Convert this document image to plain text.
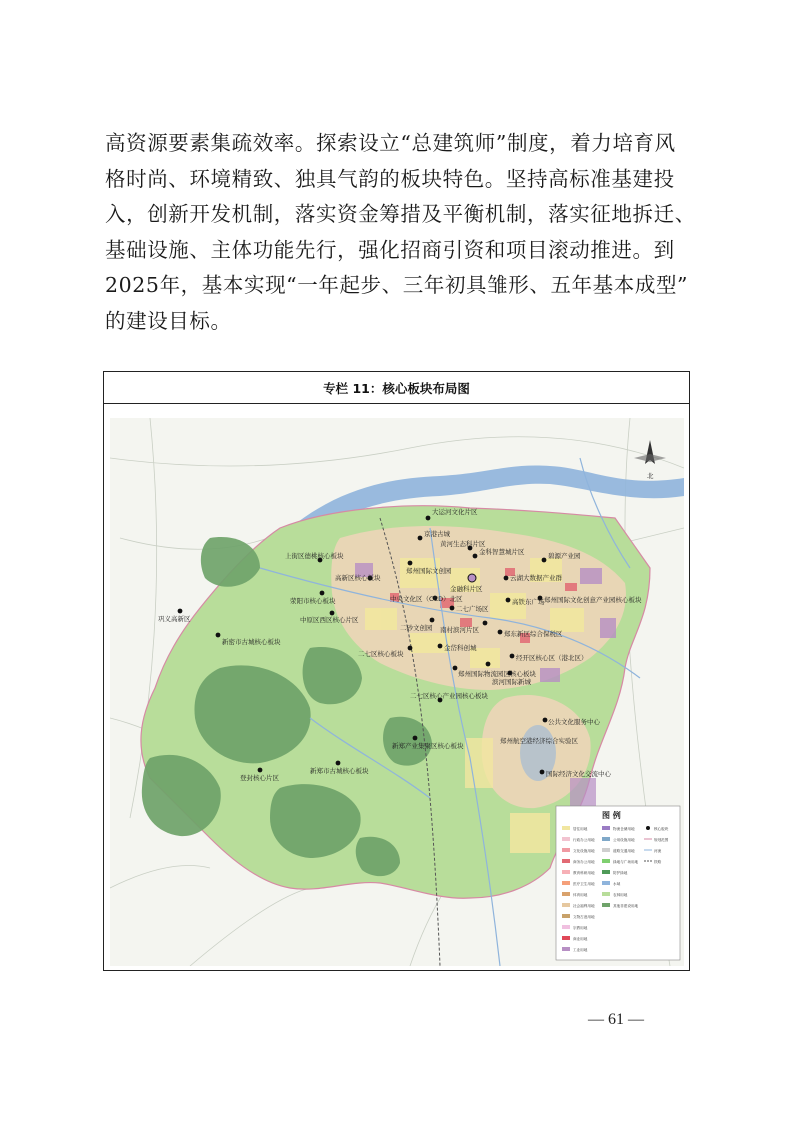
高资源要素集疏效率。探索设立“总建筑师”制度，着力培育风
格时尚、环境精致、独具气韵的板块特色。坚持高标准基建投
入，创新开发机制，落实资金筹措及平衡机制，落实征地拆迁、
基础设施、主体功能先行，强化招商引资和项目滚动推进。到
2025年，基本实现“一年起步、三年初具雏形、五年基本成型”
的建设目标。
专栏 11：核心板块布局图
大运河文化片区
京港古城
上街区德桃核心板块
高新区核心板块
郑州国际文创园
金科智慧城片区
黄河生态科片区
金融科片区
云湖大数据产业群
碧源产业园
荥阳市核心板块
中原区西区核心片区
中央文化区（CCD）北区
二七广场区
郑州国际文化创意产业园核心板块
二砂文创园 南村滨河片区
高铁东广场
郑东新区综合保税区
二七区核心板块
金岱科创城
经开区核心区（港北区）
郑州国际物流园区核心板块
滨河国际新城
二七区核心产业园核心板块
新郑市古城核心板块
新郑产业集聚区核心板块
巩义高新区
郑州航空港经济综合实验区
新密市古城核心板块
登封核心片区
公共文化服务中心
国际经济文化交流中心
北
图 例
居住用地
行政办公用地
文化设施用地
商务办公用地
教育科研用地
医疗卫生用地
体育用地
社会福利用地
文物古迹用地
宗教用地
商业用地
工业用地
物流仓储用地
公用设施用地
道路交通用地
绿地与广场用地
防护绿地
水域
农林用地
其他非建设用地
核心板块
规划范围
河流
铁路
— 61 —
